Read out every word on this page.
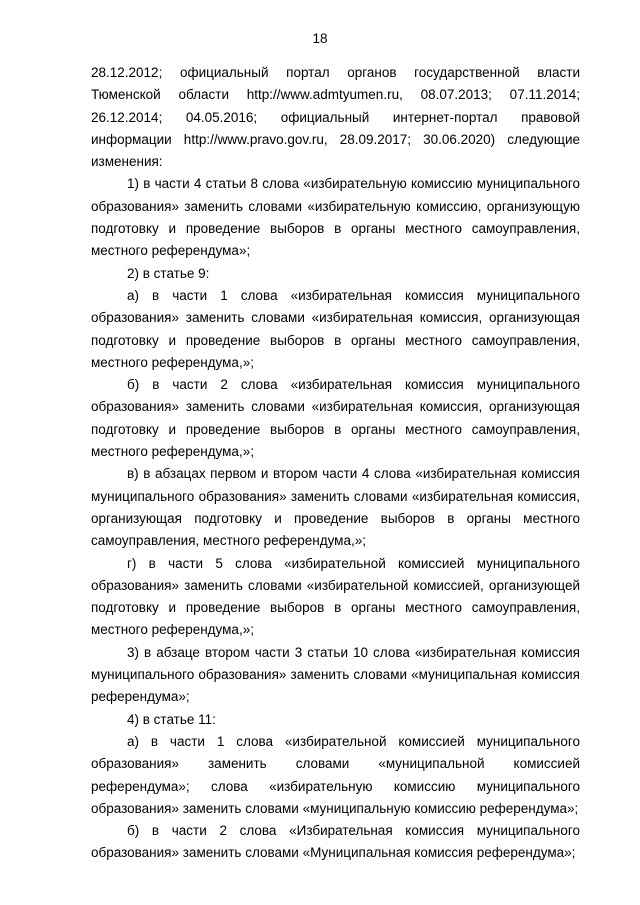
18

28.12.2012; официальный портал органов государственной власти Тюменской области http://www.admtyumen.ru, 08.07.2013; 07.11.2014; 26.12.2014; 04.05.2016; официальный интернет-портал правовой информации http://www.pravo.gov.ru, 28.09.2017; 30.06.2020) следующие изменения:

1) в части 4 статьи 8 слова «избирательную комиссию муниципального образования» заменить словами «избирательную комиссию, организующую подготовку и проведение выборов в органы местного самоуправления, местного референдума»;

2) в статье 9:

а) в части 1 слова «избирательная комиссия муниципального образования» заменить словами «избирательная комиссия, организующая подготовку и проведение выборов в органы местного самоуправления, местного референдума,»;

б) в части 2 слова «избирательная комиссия муниципального образования» заменить словами «избирательная комиссия, организующая подготовку и проведение выборов в органы местного самоуправления, местного референдума,»;

в) в абзацах первом и втором части 4 слова «избирательная комиссия муниципального образования» заменить словами «избирательная комиссия, организующая подготовку и проведение выборов в органы местного самоуправления, местного референдума,»;

г) в части 5 слова «избирательной комиссией муниципального образования» заменить словами «избирательной комиссией, организующей подготовку и проведение выборов в органы местного самоуправления, местного референдума,»;

3) в абзаце втором части 3 статьи 10 слова «избирательная комиссия муниципального образования» заменить словами «муниципальная комиссия референдума»;

4) в статье 11:

а) в части 1 слова «избирательной комиссией муниципального образования» заменить словами «муниципальной комиссией референдума»; слова «избирательную комиссию муниципального образования» заменить словами «муниципальную комиссию референдума»;

б) в части 2 слова «Избирательная комиссия муниципального образования» заменить словами «Муниципальная комиссия референдума»;
